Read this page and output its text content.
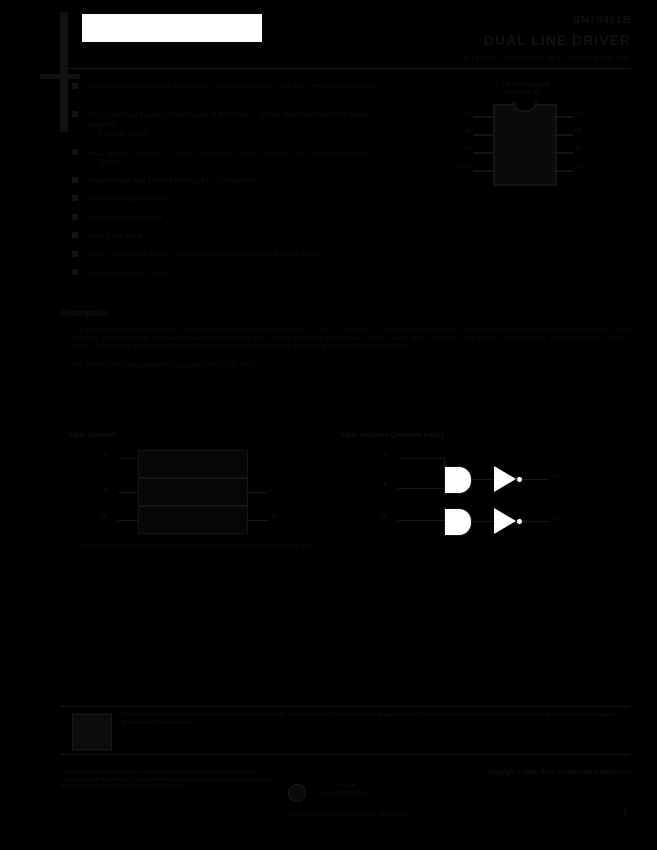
SN75451B
DUAL LINE DRIVER
SLLS021C – SEPTEMBER 1976 – REVISED MAY 1995
Designed Specifically for the Interface of Digital Systems and Their Peripheral Devices
…
Very Low Input Current at the Inputs of the Driver – Allows High Fan-Out From Digital Systems
… Typically 40 µA
High-Speed Switching – Typical Propagation Delay Times of 13 ns (Gate and Driver)
… Typical
High Voltage and Current Rating (TTL Compatible)
Standard Supply Voltages
Open-Collector Output
AND Gate Input
Power Dissipation Rating – Package Power Dissipation Ratings Apply
Standard Supply Voltages … 5 V / 12 V
D OR P PACKAGE
(TOP VIEW)
1A
1B
1Y
GND
VCC
2B
2A
2Y
1
2
3
4
8
7
6
5
description
The SN75451B dual peripheral driver is designed for use in systems that employ TTL logic. This device is a dual peripheral driver with AND gate inputs and an uncommitted open-collector output transistor. It is designed to interface between low-level digital logic circuitry and higher power loads such as relays, lamps, solenoids, line drivers, memory drivers, and logic buffers. The high-current, high-voltage output transistor can sink substantial load current while maintaining low output saturation voltage.
The SN75451B is characterized for operation from 0°C to 70°C.
logic symbol†	logic diagram (positive logic)
1A
1B
2A
1Y
2Y
▷
† This symbol is in accordance with ANSI/IEEE Std 91-1984 and IEC Publication 617-12.
1A
1B
2A
1Y
2Y
Please be aware that an important notice concerning availability, standard warranty, and use in critical applications of Texas Instruments semiconductor products and disclaimers thereto appears at the end of this data sheet.
PRODUCTION DATA information is current as of publication date. Products conform to specifications per the terms of Texas Instruments standard warranty. Production processing does not necessarily include testing of all parameters.
Copyright © 1995, Texas Instruments Incorporated
TEXAS
INSTRUMENTS
POST OFFICE BOX 655303 • DALLAS, TEXAS 75265	1
